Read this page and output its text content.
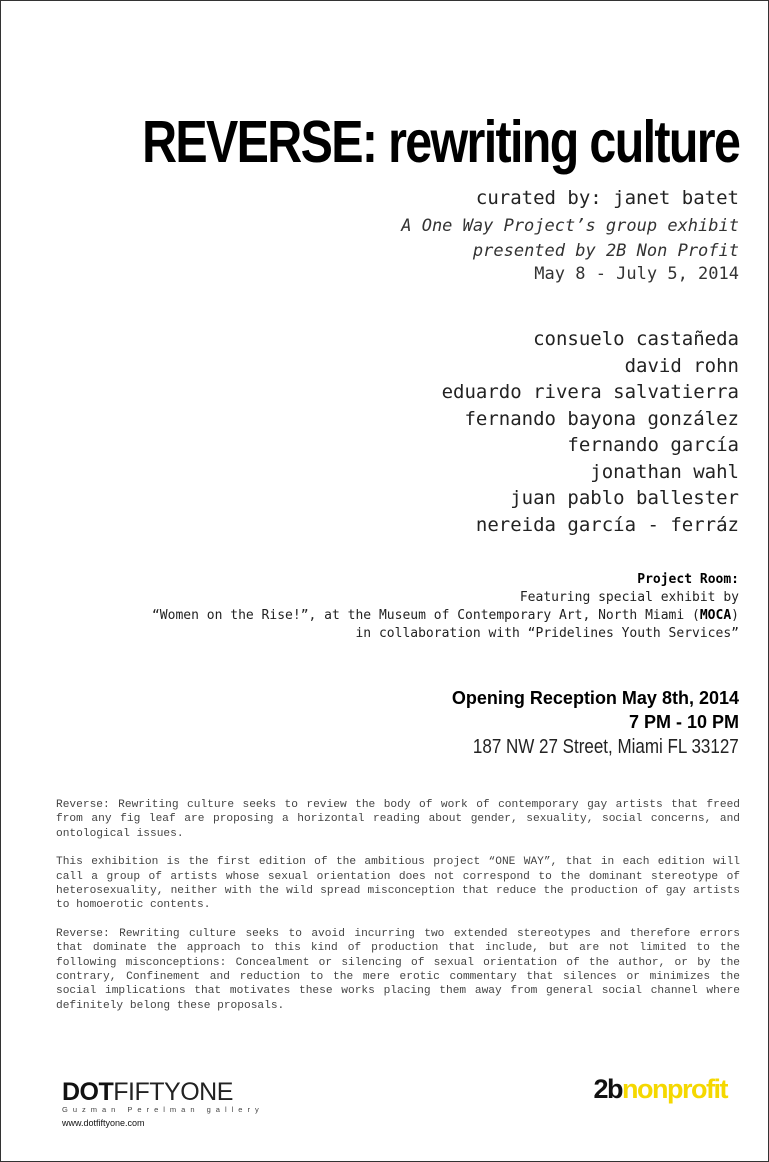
REVERSE: rewriting culture
curated by: janet batet
A One Way Project’s group exhibit
presented by 2B Non Profit
May 8 - July 5, 2014
consuelo castañeda
david rohn
eduardo rivera salvatierra
fernando bayona gonzález
fernando garcía
jonathan wahl
juan pablo ballester
nereida garcía - ferráz
Project Room:
Featuring special exhibit by
“Women on the Rise!”, at the Museum of Contemporary Art, North Miami (MOCA)
in collaboration with “Pridelines Youth Services”
Opening Reception May 8th, 2014
7 PM - 10 PM
187 NW 27 Street, Miami FL 33127

Reverse: Rewriting culture seeks to review the body of work of contemporary gay artists that freed from any fig leaf are proposing a horizontal reading about gender, sexuality, social concerns, and ontological issues.

This exhibition is the first edition of the ambitious project “ONE WAY”, that in each edition will call a group of artists whose sexual orientation does not correspond to the dominant stereotype of heterosexuality, neither with the wild spread misconception that reduce the production of gay artists to homoerotic contents.

Reverse: Rewriting culture seeks to avoid incurring two extended stereotypes and therefore errors that dominate the approach to this kind of production that include, but are not limited to the following misconceptions: Concealment or silencing of sexual orientation of the author, or by the contrary, Confinement and reduction to the mere erotic commentary that silences or minimizes the social implications that motivates these works placing them away from general social channel where definitely belong these proposals.

DOTFIFTYONE
Guzman Perelman gallery
www.dotfiftyone.com
2bnonprofit
